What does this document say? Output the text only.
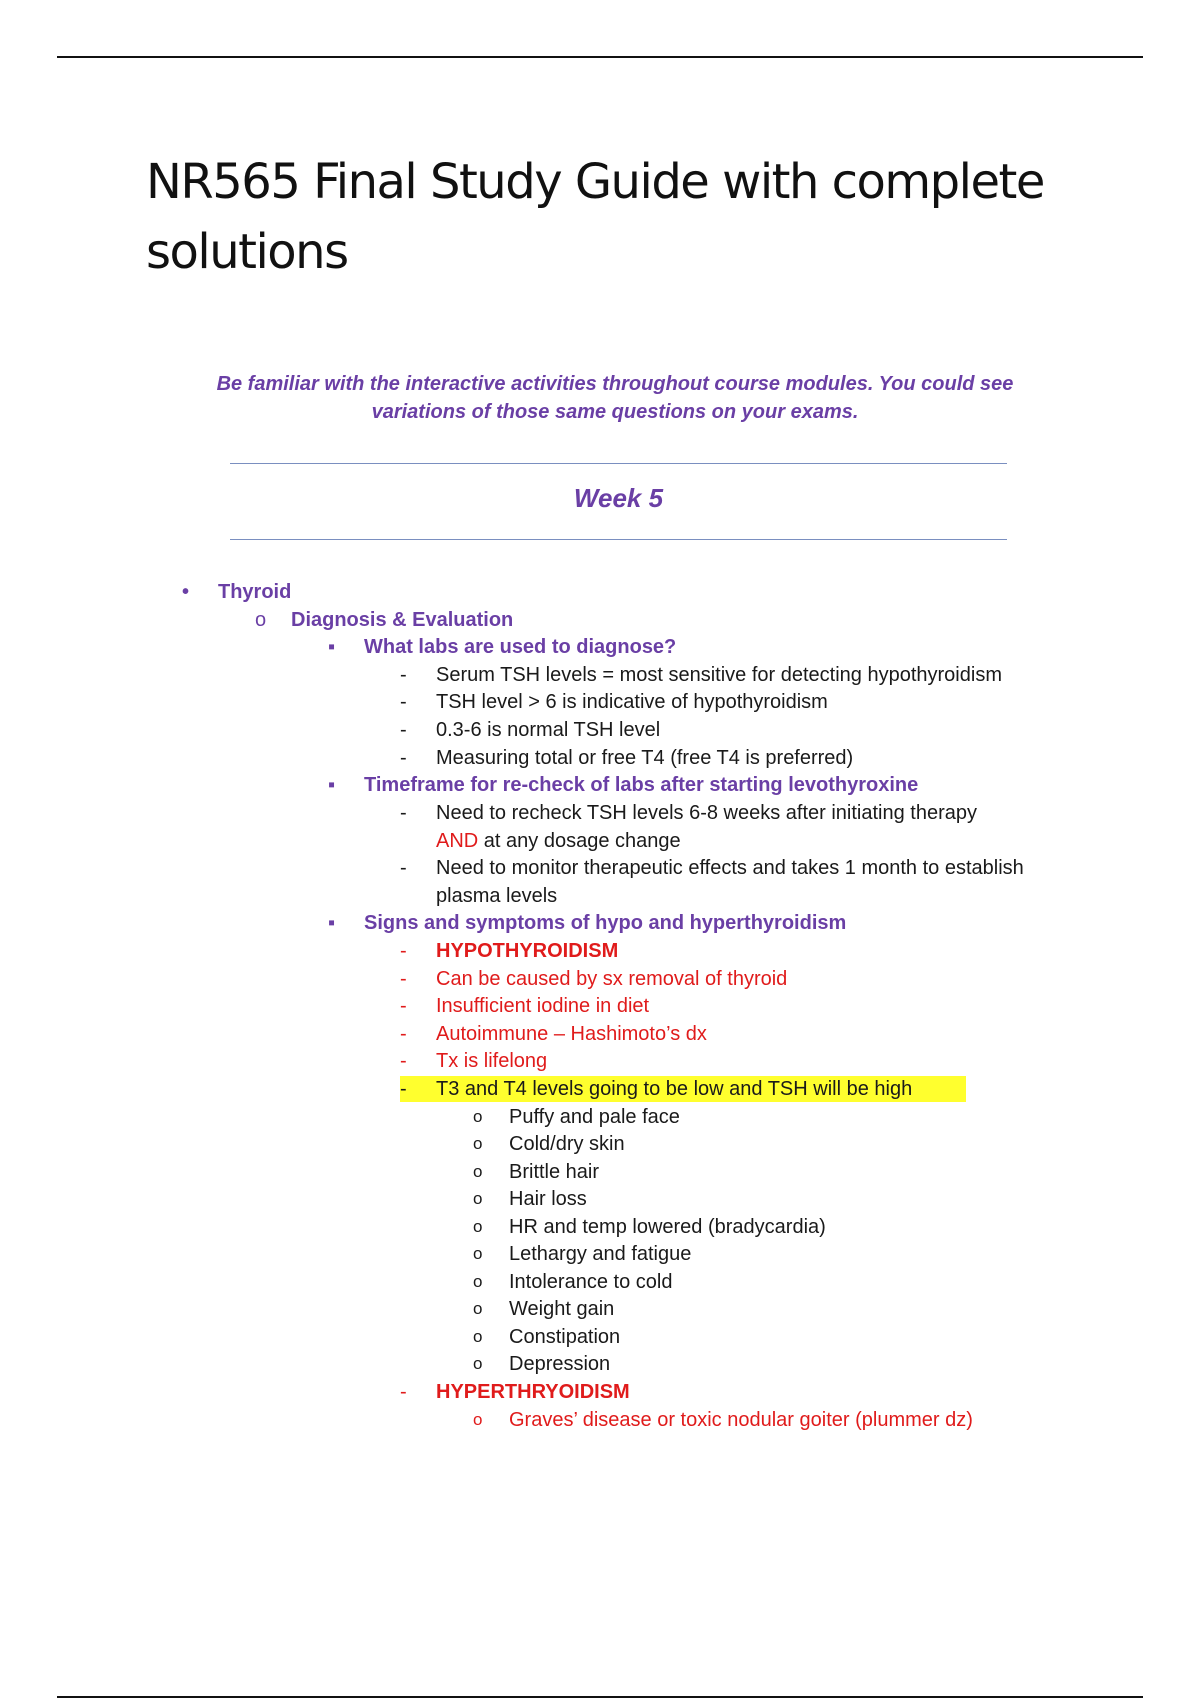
NR565 Final Study Guide with complete
solutions
Be familiar with the interactive activities throughout course modules. You could see
variations of those same questions on your exams.
Week 5
• Thyroid
o Diagnosis & Evaluation
▪ What labs are used to diagnose?
- Serum TSH levels = most sensitive for detecting hypothyroidism
- TSH level > 6 is indicative of hypothyroidism
- 0.3-6 is normal TSH level
- Measuring total or free T4 (free T4 is preferred)
▪ Timeframe for re-check of labs after starting levothyroxine
- Need to recheck TSH levels 6-8 weeks after initiating therapy
AND at any dosage change
- Need to monitor therapeutic effects and takes 1 month to establish
plasma levels
▪ Signs and symptoms of hypo and hyperthyroidism
- HYPOTHYROIDISM
- Can be caused by sx removal of thyroid
- Insufficient iodine in diet
- Autoimmune – Hashimoto’s dx
- Tx is lifelong
- T3 and T4 levels going to be low and TSH will be high
o Puffy and pale face
o Cold/dry skin
o Brittle hair
o Hair loss
o HR and temp lowered (bradycardia)
o Lethargy and fatigue
o Intolerance to cold
o Weight gain
o Constipation
o Depression
- HYPERTHRYOIDISM
o Graves’ disease or toxic nodular goiter (plummer dz)
